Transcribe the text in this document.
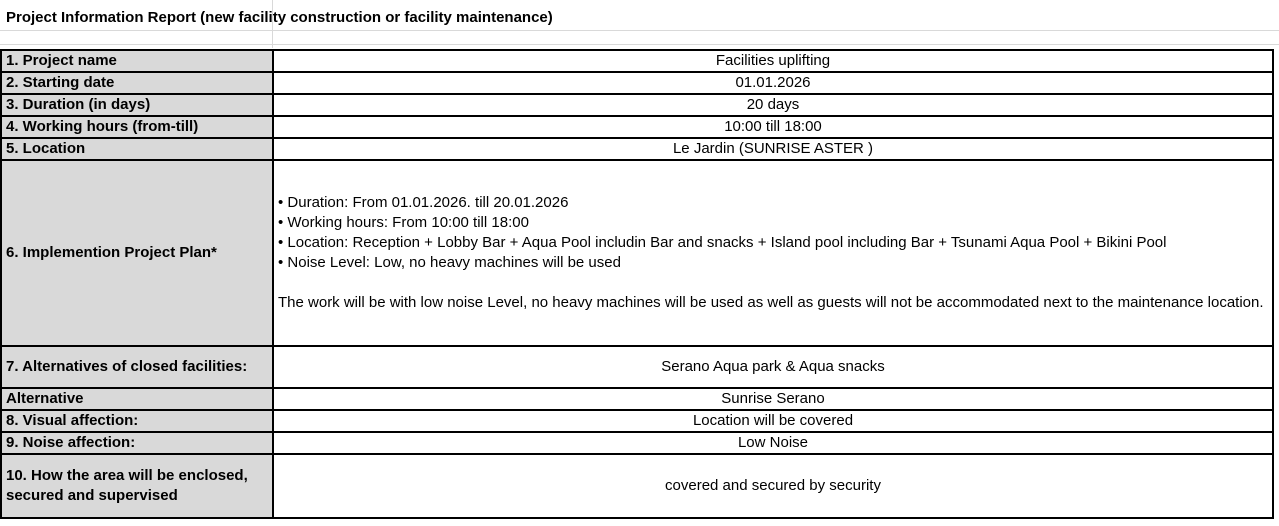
Project Information Report (new facility construction or facility maintenance)
1. Project name	Facilities uplifting
2. Starting date	01.01.2026
3. Duration (in days)	20 days
4. Working hours (from-till)	10:00 till 18:00
5. Location	Le Jardin (SUNRISE ASTER )
6. Implemention Project Plan*	• Duration: From 01.01.2026. till 20.01.2026
• Working hours: From 10:00 till 18:00
• Location: Reception + Lobby Bar + Aqua Pool includin Bar and snacks + Island pool including Bar + Tsunami Aqua Pool + Bikini Pool
• Noise Level: Low, no heavy machines will be used
The work will be with low noise Level, no heavy machines will be used as well as guests will not be accommodated next to the maintenance location.

7. Alternatives of closed facilities:	Serano Aqua park & Aqua snacks
Alternative	Sunrise Serano
8. Visual affection:	Location will be covered
9. Noise affection:	Low Noise
10. How the area will be enclosed, secured and supervised	covered and secured by security
